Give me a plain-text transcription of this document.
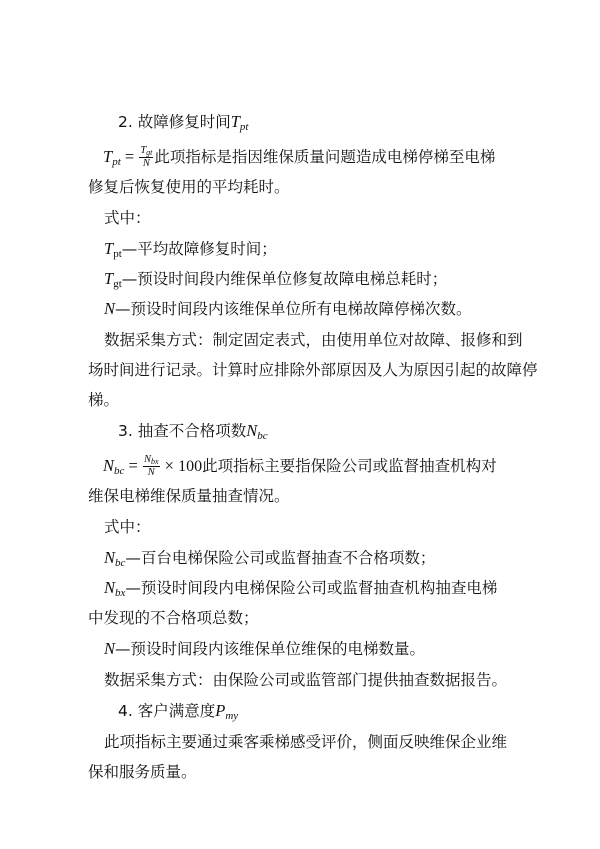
2. 故障修复时间$T_{pt}$
$T_{pt} = \frac{T_{gt}}{N}$ 此项指标是指因维保质量问题造成电梯停梯至电梯
修复后恢复使用的平均耗时。
式中：
$T_{pt}—$平均故障修复时间；
$T_{gt}—$预设时间段内维保单位修复故障电梯总耗时；
N—预设时间段内该维保单位所有电梯故障停梯次数。
数据采集方式：制定固定表式，由使用单位对故障、报修和到
场时间进行记录。计算时应排除外部原因及人为原因引起的故障停
梯。
3. 抽查不合格项数$N_{bc}$
$N_{bc} = \frac{N_{bx}}{N} \times 100$此项指标主要指保险公司或监督抽查机构对
维保电梯维保质量抽查情况。
式中：
$N_{bc}—$百台电梯保险公司或监督抽查不合格项数；
$N_{bx}—$预设时间段内电梯保险公司或监督抽查机构抽查电梯
中发现的不合格项总数；
N—预设时间段内该维保单位维保的电梯数量。
数据采集方式：由保险公司或监管部门提供抽查数据报告。
4. 客户满意度$P_{my}$
此项指标主要通过乘客乘梯感受评价，侧面反映维保企业维
保和服务质量。
